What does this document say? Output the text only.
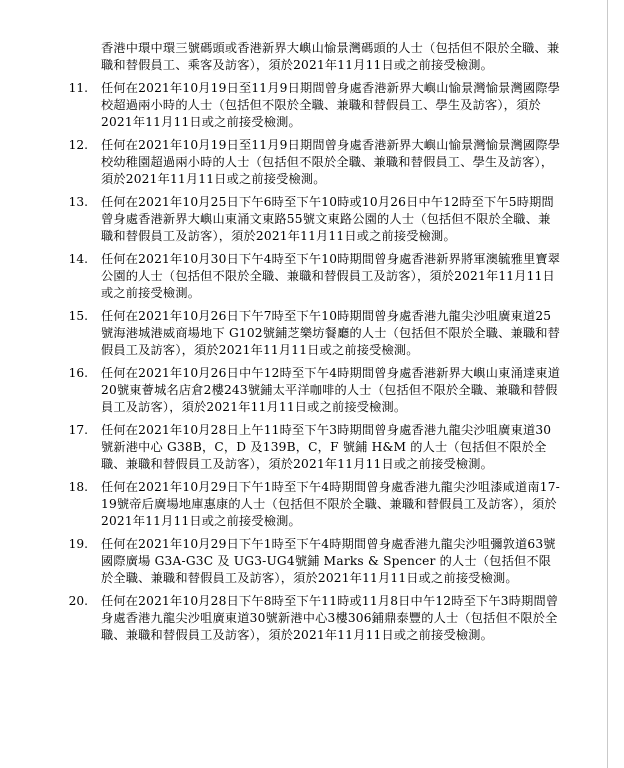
香港中環中環三號碼頭或香港新界大嶼山愉景灣碼頭的人士（包括但不限於全職、兼職和替假員工、乘客及訪客），須於2021年11月11日或之前接受檢測。
11. 任何在2021年10月19日至11月9日期間曾身處香港新界大嶼山愉景灣愉景灣國際學校超過兩小時的人士（包括但不限於全職、兼職和替假員工、學生及訪客），須於2021年11月11日或之前接受檢測。
12. 任何在2021年10月19日至11月9日期間曾身處香港新界大嶼山愉景灣愉景灣國際學校幼稚園超過兩小時的人士（包括但不限於全職、兼職和替假員工、學生及訪客），須於2021年11月11日或之前接受檢測。
13. 任何在2021年10月25日下午6時至下午10時或10月26日中午12時至下午5時期間曾身處香港新界大嶼山東涌文東路55號文東路公園的人士（包括但不限於全職、兼職和替假員工及訪客），須於2021年11月11日或之前接受檢測。
14. 任何在2021年10月30日下午4時至下午10時期間曾身處香港新界將軍澳毓雅里寶翠公園的人士（包括但不限於全職、兼職和替假員工及訪客），須於2021年11月11日或之前接受檢測。
15. 任何在2021年10月26日下午7時至下午10時期間曾身處香港九龍尖沙咀廣東道25號海港城港威商場地下 G102號鋪芝樂坊餐廳的人士（包括但不限於全職、兼職和替假員工及訪客），須於2021年11月11日或之前接受檢測。
16. 任何在2021年10月26日中午12時至下午4時期間曾身處香港新界大嶼山東涌達東道20號東薈城名店倉2樓243號鋪太平洋咖啡的人士（包括但不限於全職、兼職和替假員工及訪客），須於2021年11月11日或之前接受檢測。
17. 任何在2021年10月28日上午11時至下午3時期間曾身處香港九龍尖沙咀廣東道30號新港中心 G38B，C，D 及139B，C，F 號鋪 H&M 的人士（包括但不限於全職、兼職和替假員工及訪客），須於2021年11月11日或之前接受檢測。
18. 任何在2021年10月29日下午1時至下午4時期間曾身處香港九龍尖沙咀漆咸道南17-19號帝后廣場地庫惠康的人士（包括但不限於全職、兼職和替假員工及訪客），須於2021年11月11日或之前接受檢測。
19. 任何在2021年10月29日下午1時至下午4時期間曾身處香港九龍尖沙咀彌敦道63號國際廣場 G3A-G3C 及 UG3-UG4號鋪 Marks & Spencer 的人士（包括但不限於全職、兼職和替假員工及訪客），須於2021年11月11日或之前接受檢測。
20. 任何在2021年10月28日下午8時至下午11時或11月8日中午12時至下午3時期間曾身處香港九龍尖沙咀廣東道30號新港中心3樓306鋪鼎泰豐的人士（包括但不限於全職、兼職和替假員工及訪客），須於2021年11月11日或之前接受檢測。
